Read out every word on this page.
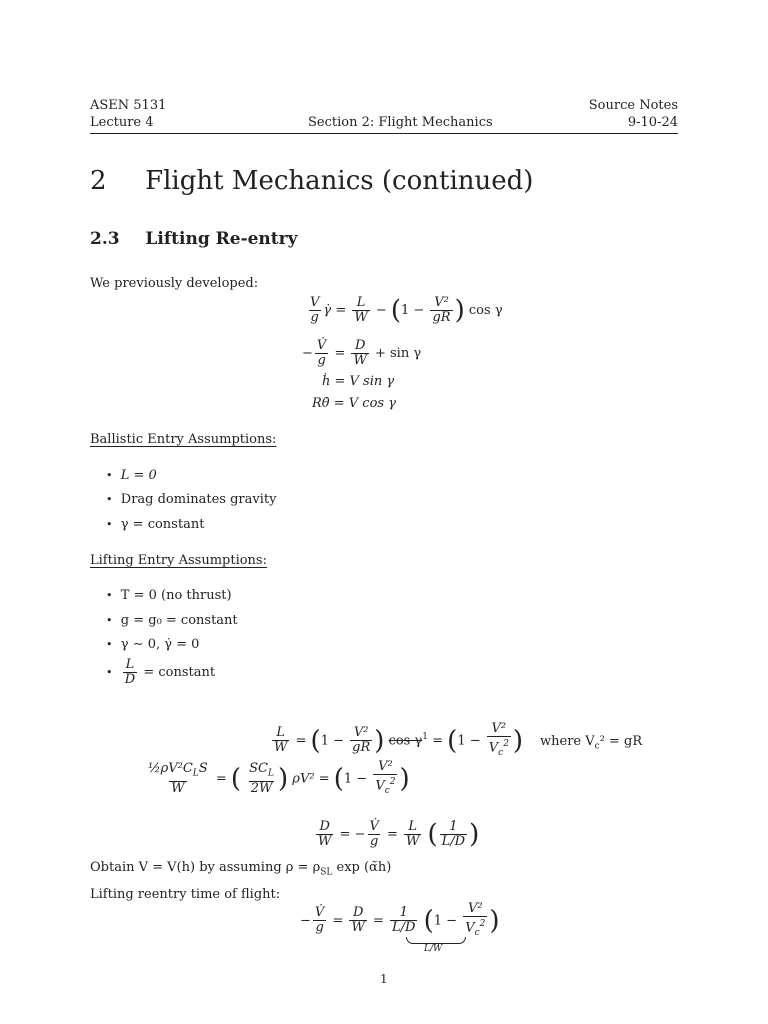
ASEN 5131
Lecture 4	Section 2: Flight Mechanics
Source Notes
9-10-24
2 Flight Mechanics (continued)
2.3 Lifting Re-entry
We previously developed:
$\frac{V}{g}$ γ̇ = $\frac{L}{W} - (1 - \frac{\text{V²}}{gR}$ ) cos γ
− $\frac{V̇}{g} = \frac{D}{W} + \sin \gamma$
ḣ = V sin γ
Rθ̇ = V cos γ
Ballistic Entry Assumptions:
• L = 0
• Drag dominates gravity
• γ = constant
Lifting Entry Assumptions:
• T = 0 (no thrust)
• g = g₀ = constant
• γ ∼ 0, γ̇ = 0
• $\frac{L}{D}$ = constant
$\frac{L}{W} = (1 - \frac{\text{V²}}{gR}$ ) $\cos \gamma^1 = (1 - \frac{\text{V²}}{V_c^2}$ ) where $V_c^2$ = gR
$\frac{\frac{1}{2}\rho V^2C_LS}{W}$ = ( $\frac{SC_L}{2W}$ ) $\rho V^2 = (1 - \frac{\text{V²}}{V_c^2}$ )
$\frac{D}{W}$ = − $\frac{V̇}{g} = \frac{L}{W}$ ( $\frac{1}{L/D}$ )
Obtain V = V(h) by assuming $\rho = \rho_{SL}$ exp (α̃h)
Lifting reentry time of flight:
− $\frac{V̇}{g} = \frac{D}{W} = \frac{1}{L/D} (1 - \frac{\text{V²}}{V_c^2}$ )
L/W
1
